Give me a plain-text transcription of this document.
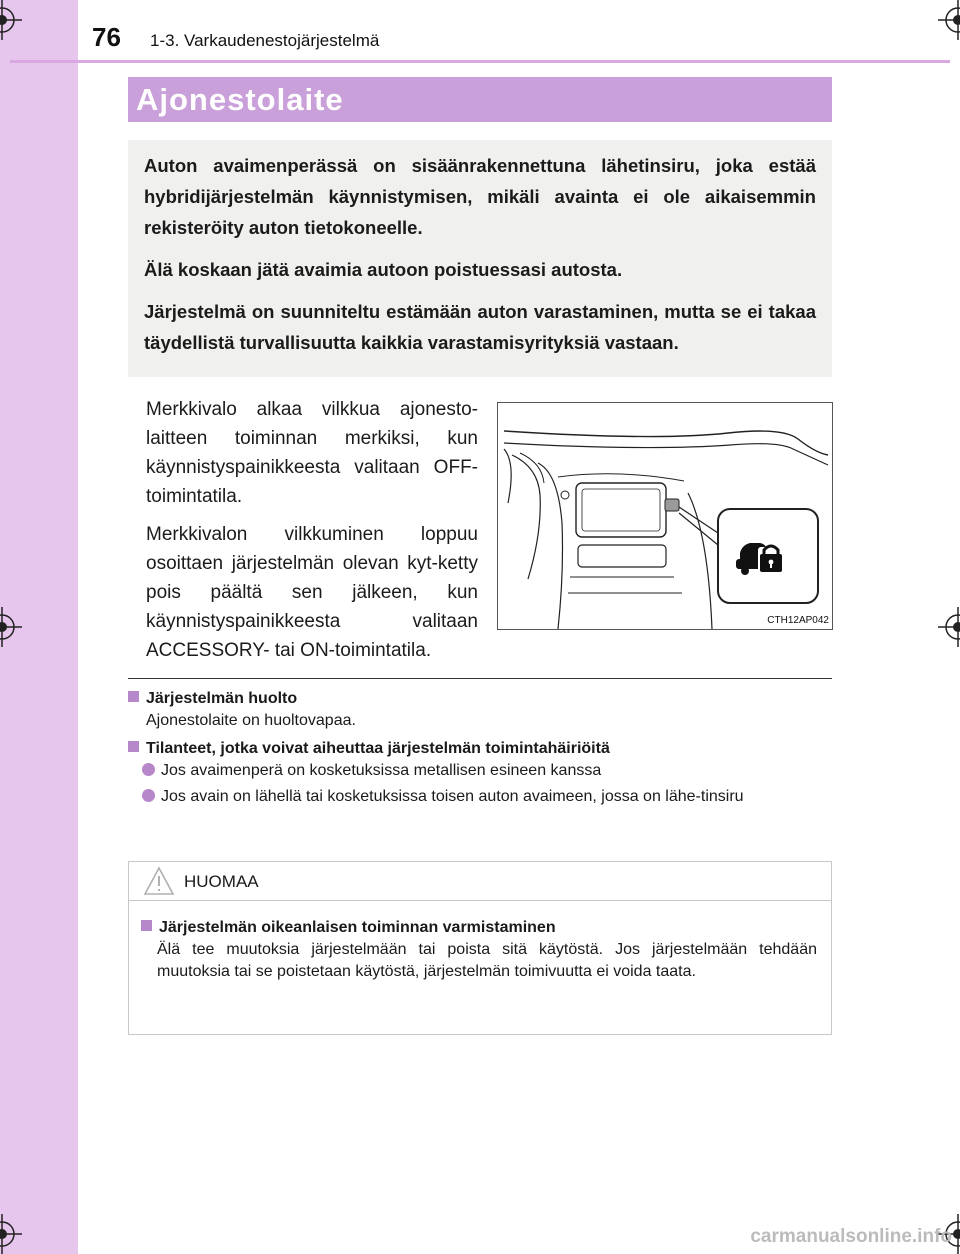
76 1-3. Varkaudenestojärjestelmä
Ajonestolaite

Auton avaimenperässä on sisäänrakennettuna lähetinsiru, joka estää hybridijärjestelmän käynnistymisen, mikäli avainta ei ole aikaisemmin rekisteröity auton tietokoneelle.

Älä koskaan jätä avaimia autoon poistuessasi autosta.

Järjestelmä on suunniteltu estämään auton varastaminen, mutta se ei takaa täydellistä turvallisuutta kaikkia varastamisyrityksiä vastaan.

Merkkivalo alkaa vilkkua ajonesto-laitteen toiminnan merkiksi, kun käynnistyspainikkeesta valitaan OFF-toimintatila.

Merkkivalon vilkkuminen loppuu osoittaen järjestelmän olevan kyt-ketty pois päältä sen jälkeen, kun käynnistyspainikkeesta valitaan ACCESSORY- tai ON-toimintatila.

CTH12AP042
Järjestelmän huolto
Ajonestolaite on huoltovapaa.
Tilanteet, jotka voivat aiheuttaa järjestelmän toimintahäiriöitä
Jos avaimenperä on kosketuksissa metallisen esineen kanssa
Jos avain on lähellä tai kosketuksissa toisen auton avaimeen, jossa on lähe-tinsiru
HUOMAA
Järjestelmän oikeanlaisen toiminnan varmistaminen
Älä tee muutoksia järjestelmään tai poista sitä käytöstä. Jos järjestelmään tehdään muutoksia tai se poistetaan käytöstä, järjestelmän toimivuutta ei voida taata.
carmanualsonline.info
